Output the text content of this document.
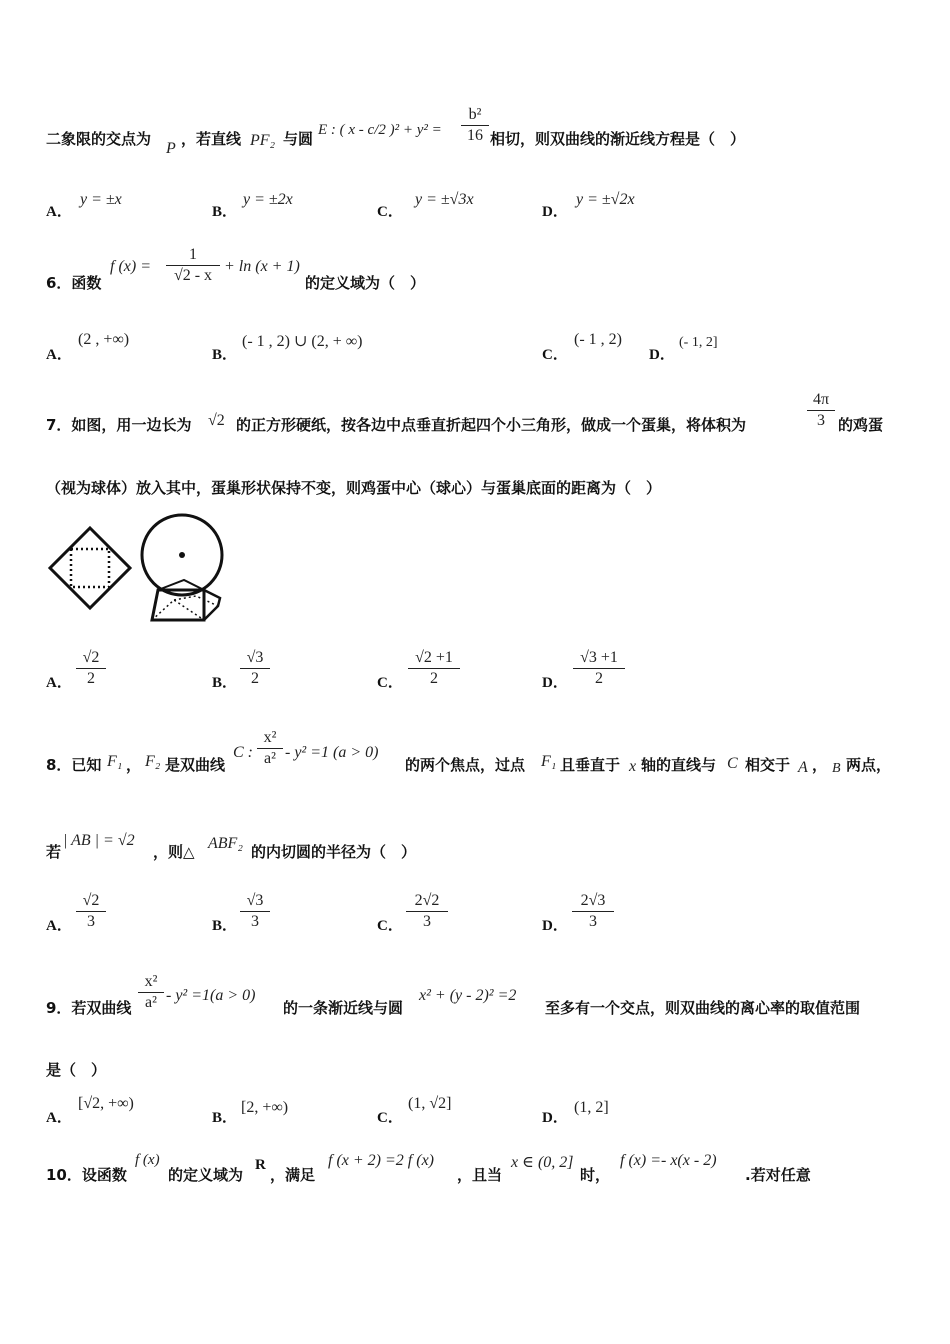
二象限的交点为
P
，若直线 PF₂ 与圆 E : ( x - c/2 )$^2 + y^2 = \frac{\text{b²}}{16}$ 相切，则双曲线的渐近线方程是（　）
A．
y = ±x
B．
y = ±2x
C．
y = ±√3x
D．
y = ±√2x
6．函数
f $(x) = \frac{1}{√2 - x} + \ln (x + 1)$
的定义域为（　）
A．
(2 , +∞)
B．
(- 1 , 2) ∪ (2, + ∞)
C．
(- 1 , 2)
D．
(- 1, 2]
7．如图，用一边长为 √2 的正方形硬纸，按各边中点垂直折起四个小三角形，做成一个蛋巢，将体积为	$\frac{4\pi}{3}$ 的鸡蛋
（视为球体）放入其中，蛋巢形状保持不变，则鸡蛋中心（球心）与蛋巢底面的距离为（　）
A． $\frac{√2}{2}$	B． $\frac{√3}{2}$	C． $\frac{√2 +1}{2}$	D． $\frac{√3 +1}{2}$
8．已知 F₁ ， F₂ 是双曲线
C : $\frac{\text{x²}}{\text{a²}} - y^2 =1$ (a > 0)
的两个焦点，过点 F₁ 且垂直于 x 轴的直线与 C 相交于 A ， B 两点，
若
| AB | = √2
，则△ ABF₂ 的内切圆的半径为（　）
A． $\frac{√2}{3}$	B． $\frac{√3}{3}$	C． $\frac{2√2}{3}$	D． $\frac{2√3}{3}$
9．若双曲线 $\frac{\text{x²}}{\text{a²}} - y^2 =1(a > 0)$
的一条渐近线与圆
x² + (y - 2)² =2
至多有一个交点，则双曲线的离心率的取值范围
是（　）
A．
[√2, +∞)
B．
[2, +∞)
C．
(1, √2]
D．
(1, 2]
10．设函数
f (x)
的定义域为
R
，满足
f (x + 2) =2 f (x)
，且当
x ∈ (0, 2]
时，
f (x) =- x(x - 2)
.若对任意
